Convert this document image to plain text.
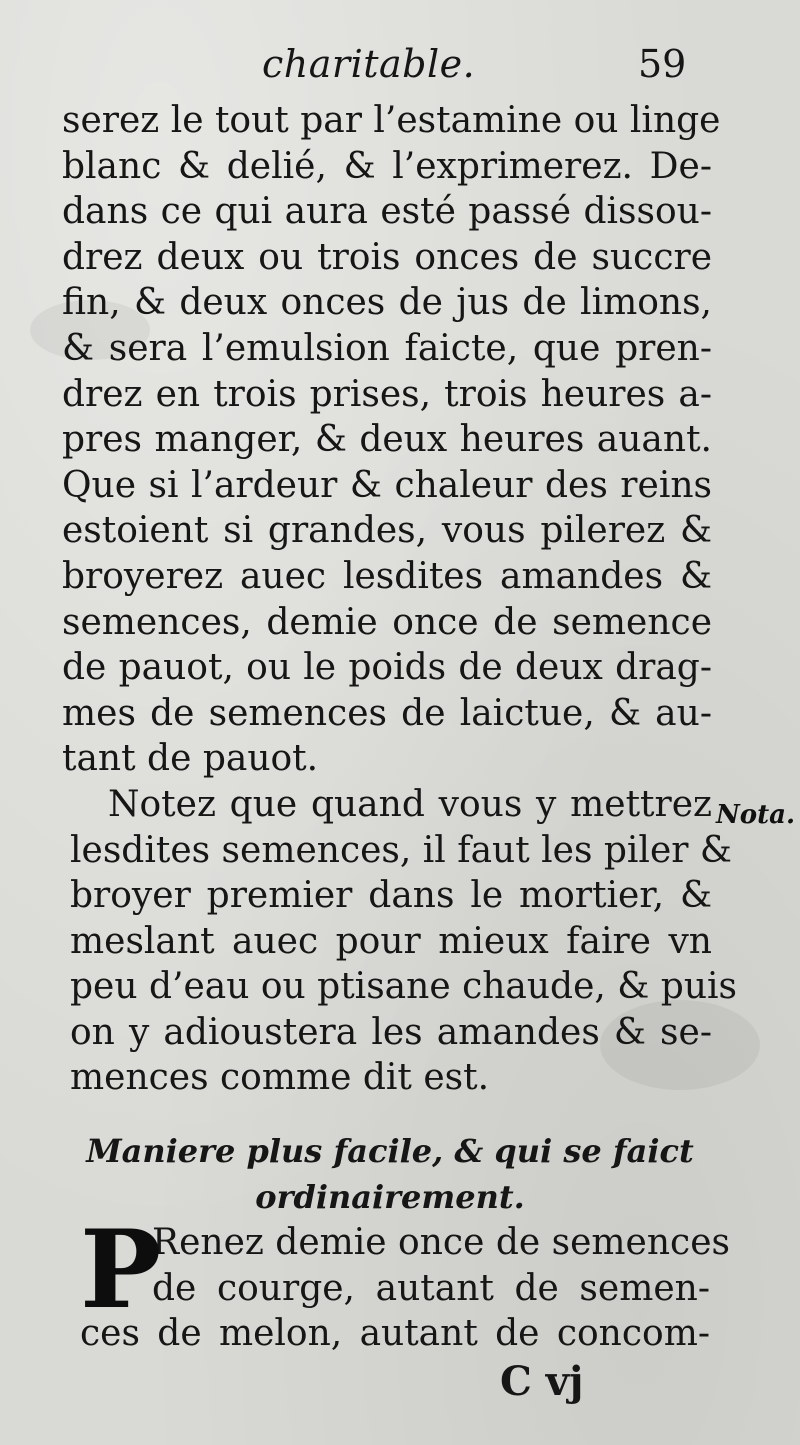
charitable.	59
serez le tout par l’estamine ou linge
blanc & delié, & l’exprimerez. De-
dans ce qui aura esté passé dissou-
drez deux ou trois onces de succre
fin, & deux onces de jus de limons,
& sera l’emulsion faicte, que pren-
drez en trois prises, trois heures a-
pres manger, & deux heures auant.
Que si l’ardeur & chaleur des reins
estoient si grandes, vous pilerez &
broyerez auec lesdites amandes &
semences, demie once de semence
de pauot, ou le poids de deux drag-
mes de semences de laictue, & au-
tant de pauot.
Notez que quand vous y mettrez
lesdites semences, il faut les piler &
broyer premier dans le mortier, &
meslant auec pour mieux faire vn
peu d’eau ou ptisane chaude, & puis
on y adioustera les amandes & se-
mences comme dit est.
Nota.
Maniere plus facile, & qui se faict
ordinairement.
P
Renez demie once de semences
de courge, autant de semen-
ces de melon, autant de concom-
C vj
